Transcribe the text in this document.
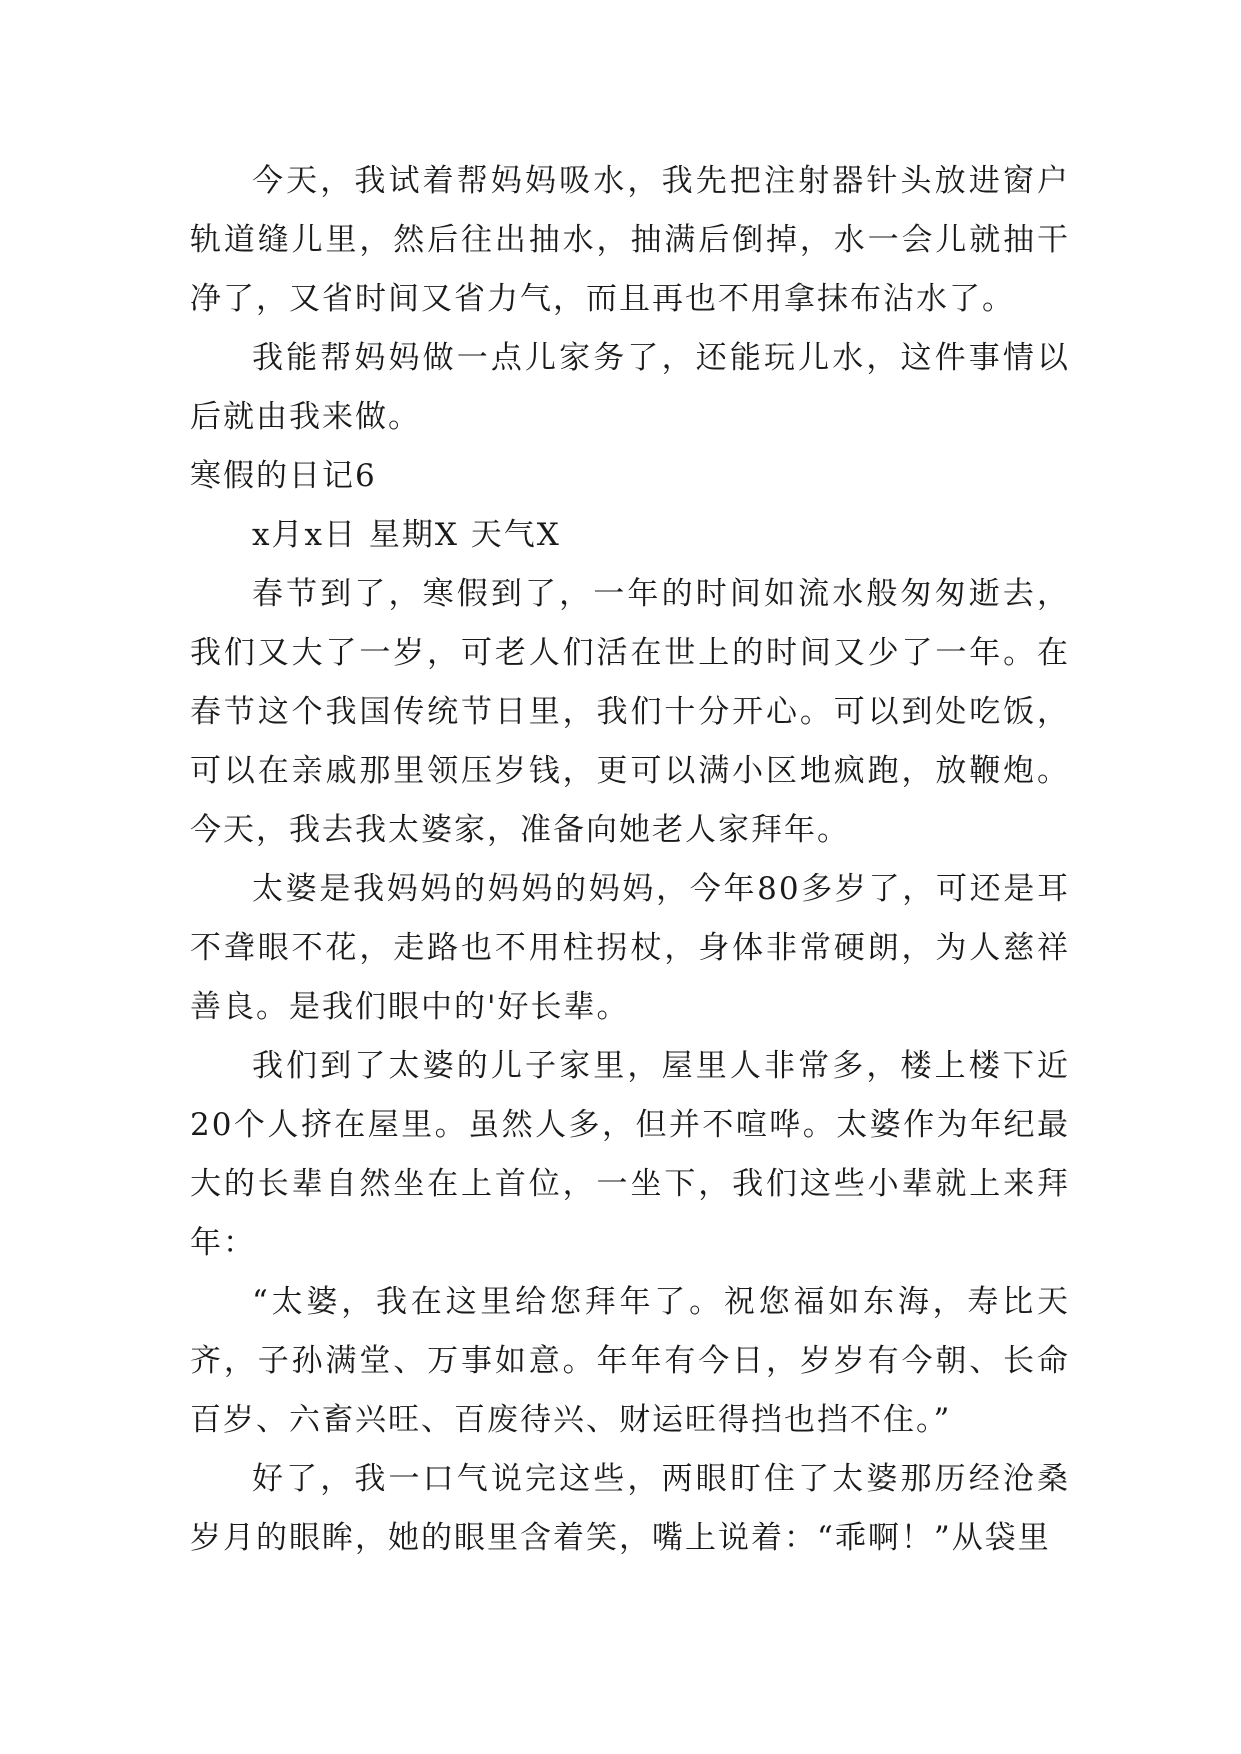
今天，我试着帮妈妈吸水，我先把注射器针头放进窗户轨道缝儿里，然后往出抽水，抽满后倒掉，水一会儿就抽干净了，又省时间又省力气，而且再也不用拿抹布沾水了。

我能帮妈妈做一点儿家务了，还能玩儿水，这件事情以后就由我来做。

寒假的日记6

x月x日 星期X 天气X

春节到了，寒假到了，一年的时间如流水般匆匆逝去，我们又大了一岁，可老人们活在世上的时间又少了一年。在春节这个我国传统节日里，我们十分开心。可以到处吃饭，可以在亲戚那里领压岁钱，更可以满小区地疯跑，放鞭炮。今天，我去我太婆家，准备向她老人家拜年。

太婆是我妈妈的妈妈的妈妈，今年80多岁了，可还是耳不聋眼不花，走路也不用柱拐杖，身体非常硬朗，为人慈祥善良。是我们眼中的'好长辈。

我们到了太婆的儿子家里，屋里人非常多，楼上楼下近20个人挤在屋里。虽然人多，但并不喧哗。太婆作为年纪最大的长辈自然坐在上首位，一坐下，我们这些小辈就上来拜年：

“太婆，我在这里给您拜年了。祝您福如东海，寿比天齐，子孙满堂、万事如意。年年有今日，岁岁有今朝、长命百岁、六畜兴旺、百废待兴、财运旺得挡也挡不住。”

好了，我一口气说完这些，两眼盯住了太婆那历经沧桑岁月的眼眸，她的眼里含着笑，嘴上说着：“乖啊！”从袋里
